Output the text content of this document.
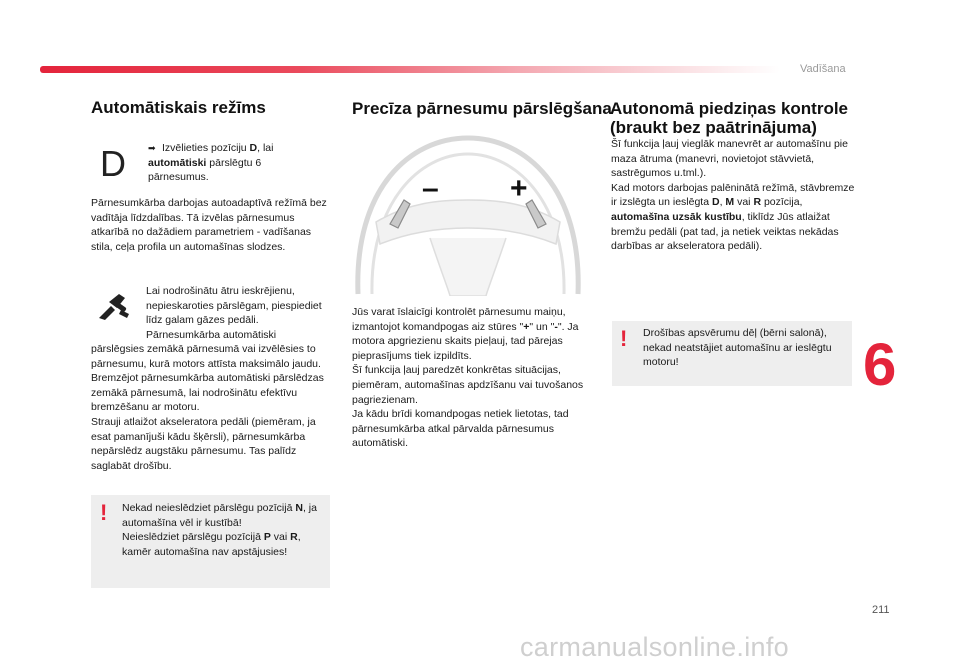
Vadīšana
Automātiskais režīms
D ➡ Izvēlieties pozīciju D, lai automātiski pārslēgtu 6 pārnesumus.
Pārnesumkārba darbojas autoadaptīvā režīmā bez vadītāja līdzdalības. Tā izvēlas pārnesumus atkarībā no dažādiem parametriem - vadīšanas stila, ceļa profila un automašīnas slodzes.
Lai nodrošinātu ātru ieskrējienu, nepieskaroties pārslēgam, piespiediet līdz galam gāzes pedāli. Pārnesumkārba automātiski
pārslēgsies zemākā pārnesumā vai izvēlēsies to pārnesumu, kurā motors attīsta maksimālo jaudu.
Bremzējot pārnesumkārba automātiski pārslēdzas zemākā pārnesumā, lai nodrošinātu efektīvu bremzēšanu ar motoru.
Strauji atlaižot akseleratora pedāli (piemēram, ja esat pamanījuši kādu šķērsli), pārnesumkārba nepārslēdz augstāku pārnesumu. Tas palīdz saglabāt drošību.
! Nekad neieslēdziet pārslēgu pozīcijā N, ja automašīna vēl ir kustībā!
Neieslēdziet pārslēgu pozīcijā P vai R, kamēr automašīna nav apstājusies!
Precīza pārnesumu pārslēgšana
– +
Jūs varat īslaicīgi kontrolēt pārnesumu maiņu, izmantojot komandpogas aiz stūres "+" un "-". Ja motora apgriezienu skaits pieļauj, tad pārejas pieprasījums tiek izpildīts.
Šī funkcija ļauj paredzēt konkrētas situācijas, piemēram, automašīnas apdzīšanu vai tuvošanos pagriezienam.
Ja kādu brīdi komandpogas netiek lietotas, tad pārnesumkārba atkal pārvalda pārnesumus automātiski.
Autonomā piedziņas kontrole (braukt bez paātrinājuma)
Šī funkcija ļauj vieglāk manevrēt ar automašīnu pie maza ātruma (manevri, novietojot stāvvietā, sastrēgumos u.tml.).
Kad motors darbojas palēninātā režīmā, stāvbremze ir izslēgta un ieslēgta D, M vai R pozīcija, automašīna uzsāk kustību, tiklīdz Jūs atlaižat bremžu pedāli (pat tad, ja netiek veiktas nekādas darbības ar akseleratora pedāli).
! Drošības apsvērumu dēļ (bērni salonā), nekad neatstājiet automašīnu ar ieslēgtu motoru!	6
211
carmanualsonline.info
